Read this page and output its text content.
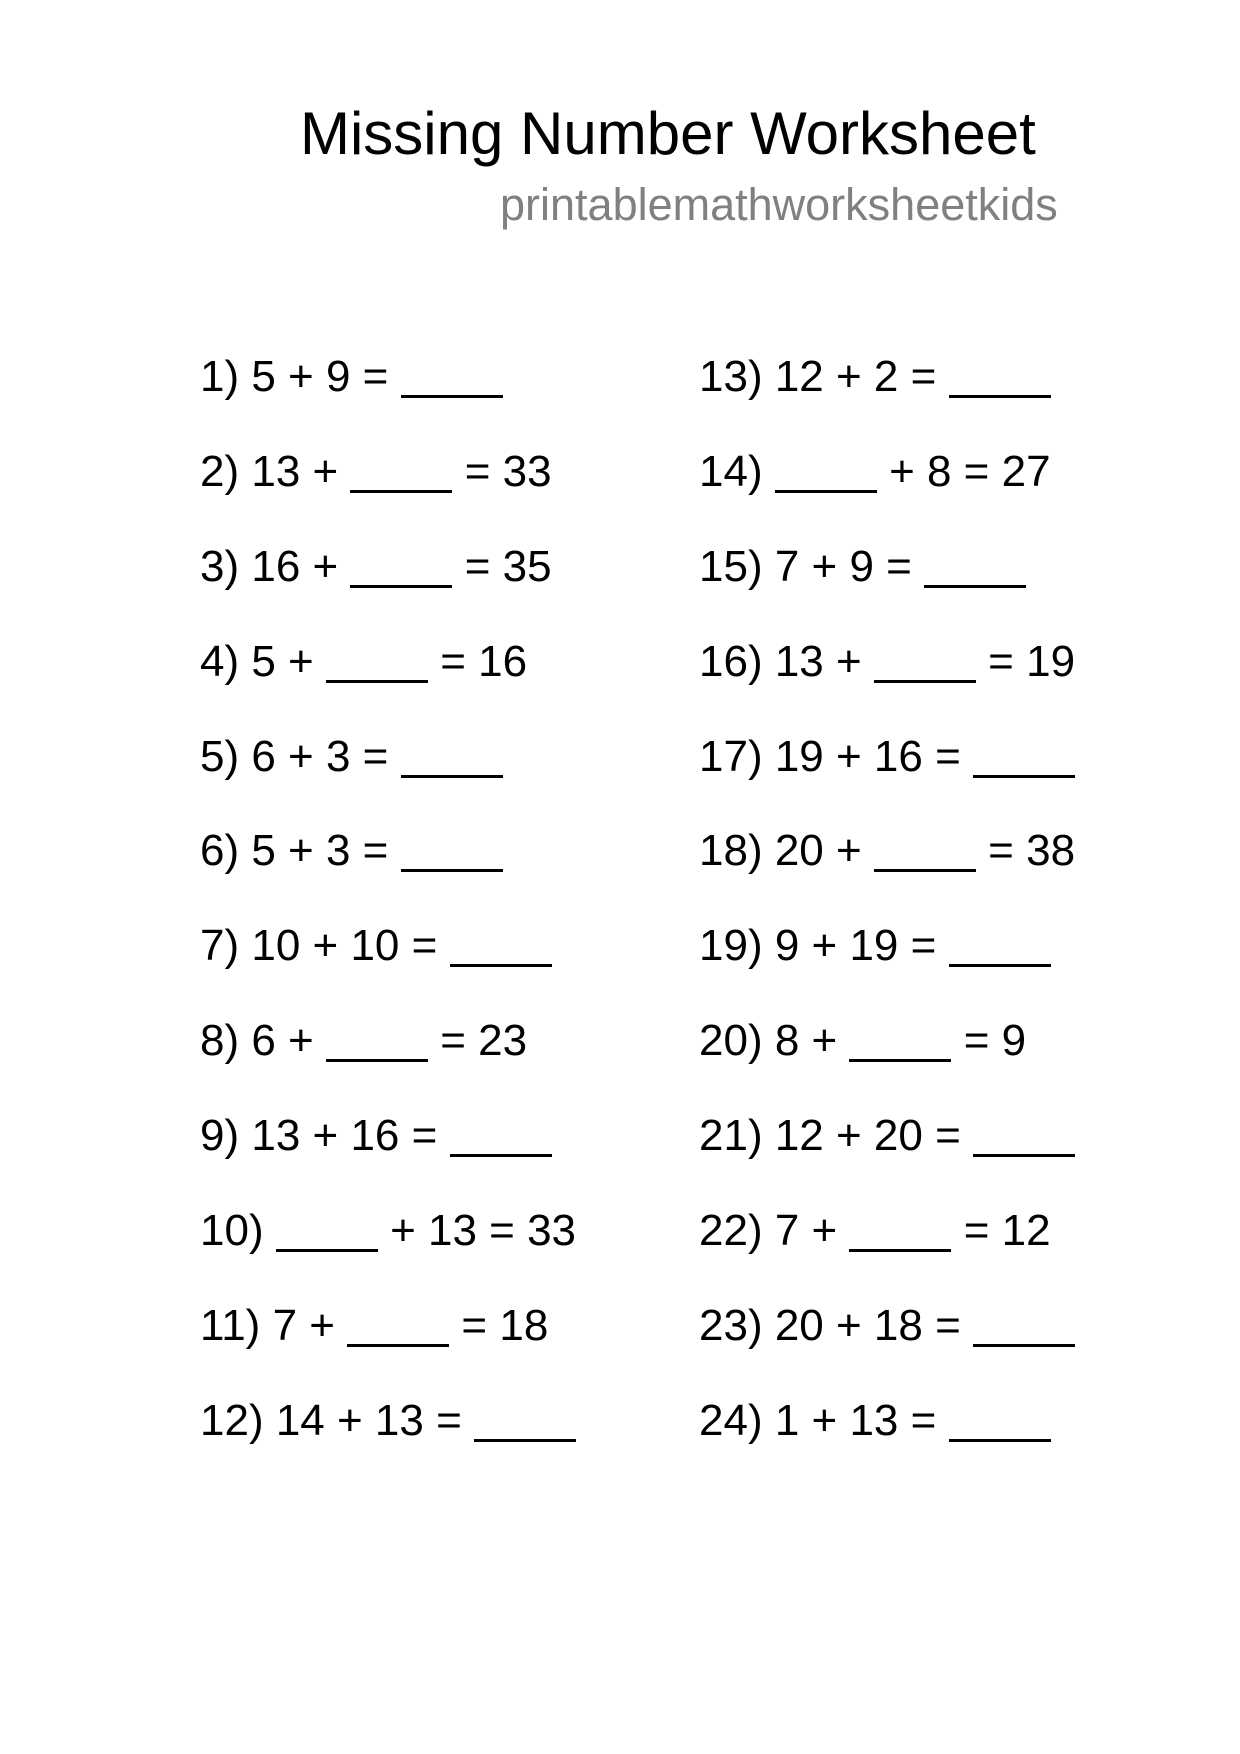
Missing Number Worksheet
printablemathworksheetkids
1) 5 + 9 =
2) 13 +	= 33
3) 16 +	= 35
4) 5 +	= 16
5) 6 + 3 =
6) 5 + 3 =
7) 10 + 10 =
8) 6 +	= 23
9) 13 + 16 =
10)	+ 13 = 33
11) 7 +	= 18
12) 14 + 13 =
13) 12 + 2 =
14)	+ 8 = 27
15) 7 + 9 =
16) 13 +	= 19
17) 19 + 16 =
18) 20 +	= 38
19) 9 + 19 =
20) 8 +	= 9
21) 12 + 20 =
22) 7 +	= 12
23) 20 + 18 =
24) 1 + 13 =
